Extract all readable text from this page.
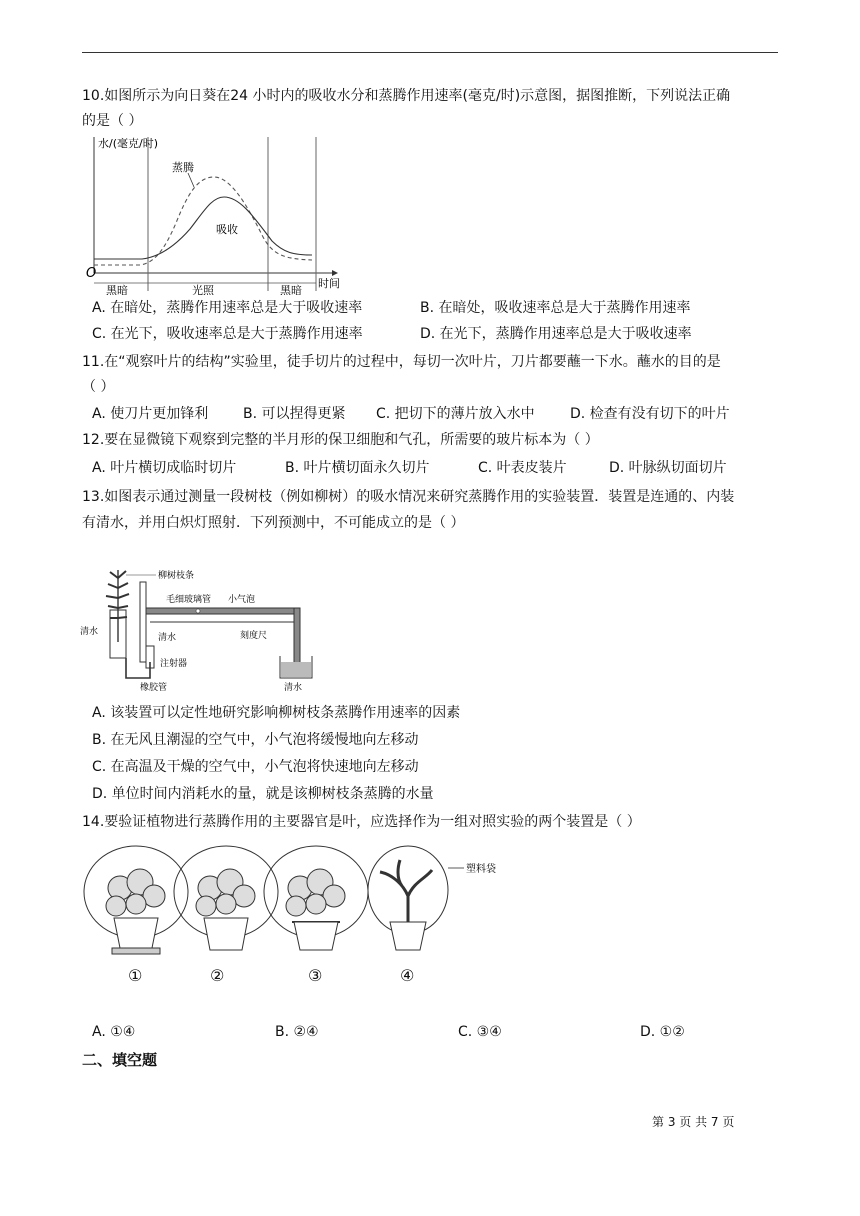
10.如图所示为向日葵在24 小时内的吸收水分和蒸腾作用速率(毫克/时)示意图，据图推断，下列说法正确
的是（ ）
O
水/(毫克/时)
时间
黑暗	光照	黑暗
蒸腾
吸收
A. 在暗处，蒸腾作用速率总是大于吸收速率	B. 在暗处，吸收速率总是大于蒸腾作用速率
C. 在光下，吸收速率总是大于蒸腾作用速率	D. 在光下，蒸腾作用速率总是大于吸收速率
11.在“观察叶片的结构”实验里，徒手切片的过程中，每切一次叶片，刀片都要蘸一下水。蘸水的目的是
（ ）
A. 使刀片更加锋利 B. 可以捏得更紧 C. 把切下的薄片放入水中	D. 检查有没有切下的叶片
12.要在显微镜下观察到完整的半月形的保卫细胞和气孔，所需要的玻片标本为（ ）
A. 叶片横切成临时切片	B. 叶片横切面永久切片	C. 叶表皮装片	D. 叶脉纵切面切片
13.如图表示通过测量一段树枝（例如柳树）的吸水情况来研究蒸腾作用的实验装置．装置是连通的、内装
有清水，并用白炽灯照射．下列预测中，不可能成立的是（ ）
柳树枝条
毛细玻璃管 小气泡
清水
清水	刻度尺
注射器
橡胶管	清水
A. 该装置可以定性地研究影响柳树枝条蒸腾作用速率的因素
B. 在无风且潮湿的空气中，小气泡将缓慢地向左移动
C. 在高温及干燥的空气中，小气泡将快速地向左移动
D. 单位时间内消耗水的量，就是该柳树枝条蒸腾的水量
14.要验证植物进行蒸腾作用的主要器官是叶，应选择作为一组对照实验的两个装置是（ ）
塑料袋
①	②	③	④
A. ①④	B. ②④	C. ③④	D. ①②
二、填空题
第 3 页 共 7 页
